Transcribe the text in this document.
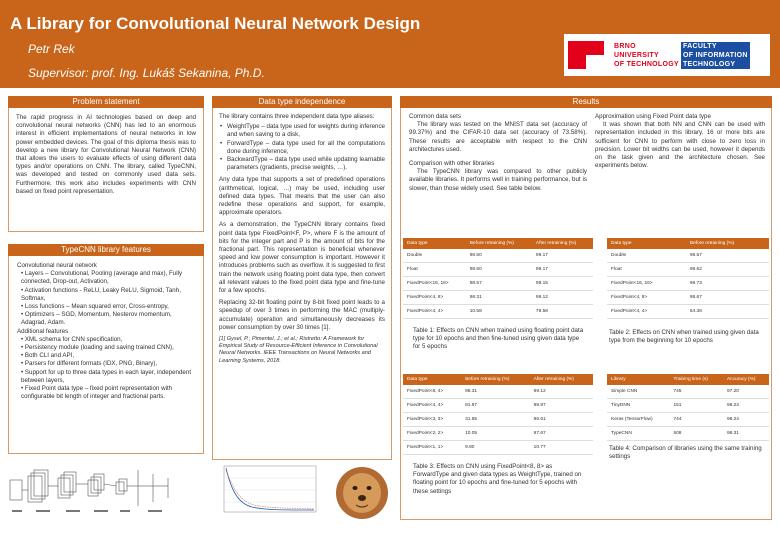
A Library for Convolutional Neural Network Design
Petr Rek
Supervisor: prof. Ing. Lukáš Sekanina, Ph.D.
BRNO	FACULTY
UNIVERSITY	OF INFORMATION
OF TECHNOLOGY TECHNOLOGY
Problem statement

The rapid progress in AI technologies based on deep and convolutional neural networks (CNN) has led to an enormous interest in efficient implementations of neural networks in low power embedded devices. The goal of this diploma thesis was to develop a new library for Convolutional Neural Network (CNN) that allows the users to evaluate effects of using different data types and/or operations on CNN. The library, called TypeCNN, was developed and tested on commonly used data sets. Furthermore, this work also includes experiments with CNN based on fixed point representation.

TypeCNN library features
Convolutional neural network
• Layers – Convolutional, Pooling (average and max), Fully connected, Drop-out, Activation,
• Activation functions - ReLU, Leaky ReLU, Sigmoid, Tanh, Softmax,
• Loss functions – Mean squared error, Cross-entropy,
• Optimizers – SGD, Momentum, Nesterov momentum, Adagrad, Adam.
Additional features
• XML schema for CNN specification,
• Persistency module (loading and saving trained CNN),
• Both CLI and API,
• Parsers for different formats (IDX, PNG, Binary),
• Support for up to three data types in each layer, independent between layers,
• Fixed Point data type – fixed point representation with configurable bit length of integer and fractional parts.
Data type independence

The library contains three independent data type aliases:

• WeightType – data type used for weights during inference and when saving to a disk,
• ForwardType – data type used for all the computations done during inference,
• BackwardType – data type used while updating learnable parameters (gradients, precise weights, …).

Any data type that supports a set of predefined operations (arithmetical, logical, …) may be used, including user defined data types. That means that the user can also redefine these operations and support, for example, approximate operators.

As a demonstration, the TypeCNN library contains fixed point data type FixedPoint<F, P>, where F is the amount of bits for the integer part and P is the amount of bits for the fractional part. This representation is beneficial whenever speed and low power consumption is important. However it introduces problems such as overflow. It is suggested to first train the network using floating point data type, then convert all relevant values to the fixed point data type and fine-tune for a few epochs.

Replacing 32-bit floating point by 8-bit fixed point leads to a speedup of over 3 times in performing the MAC (multiply-accumulate) operation and simultaneously decreases its power consumption by over 30 times [1].

[1] Gysel, P.; Pimentel, J.; et al.; Ristretto: A Framework for Empirical Study of Resource-Efficient Inference in Convolutional Neural Networks. IEEE Transactions on Neural Networks and Learning Systems, 2018.

Results
Common data sets

The library was tested on the MNIST data set (accuracy of 99.37%) and the CIFAR-10 data set (accuracy of 73.58%). These results are acceptable with respect to the CNN architectures used.

Comparison with other libraries

The TypeCNN library was compared to other publicly available libraries. It performs well in training performance, but is slower, than those widely used. See table below.

Approximation using Fixed Point data type

It was shown that both NN and CNN can be used with representation included in this library. 16 or more bits are sufficient for CNN to perform with close to zero loss in precision. Lower bit widths can be used, however it depends on the task given and the architecture chosen. See experiments below.

Data type	Before retraining (%)	After retraining (%)
Double	98.60	99.17
Float	98.60	99.17
FixedPoint<16, 16>	98.57	99.15
FixedPoint<4, 8>	98.31	99.12
FixedPoint<4, 4>	10.58	79.58

Table 1: Effects on CNN when trained using floating point data type for 10 epochs and then fine-tuned using given data type for 5 epochs

Data type	Before retraining (%)
Double	98.57
Float	98.62
FixedPoint<16, 16>	98.73
FixedPoint<4, 8>	98.67
FixedPoint<4, 4>	64.38

Table 2: Effects on CNN when trained using given data type from the beginning for 10 epochs

Data type	Before retraining (%)	After retraining (%)
FixedPoint<8, 4>	98.31	99.12
FixedPoint<4, 4>	81.97	98.97
FixedPoint<3, 3>	31.85	96.61
FixedPoint<2, 2>	10.05	97.67
FixedPoint<1, 1>	9.80	10.77

Table 3: Effects on CNN using FixedPoint<8, 8> as ForwardType and given data types as WeightType, trained on floating point for 10 epochs and fine-tuned for 5 epochs with these settings

Library	Training time (s)	Accuracy (%)
Simple CNN	745	97.20
TinyDNN	151	98.23
Keras (TensorFlow)	744	98.24
TypeCNN	508	98.31

Table 4: Comparison of libraries using the same training settings
